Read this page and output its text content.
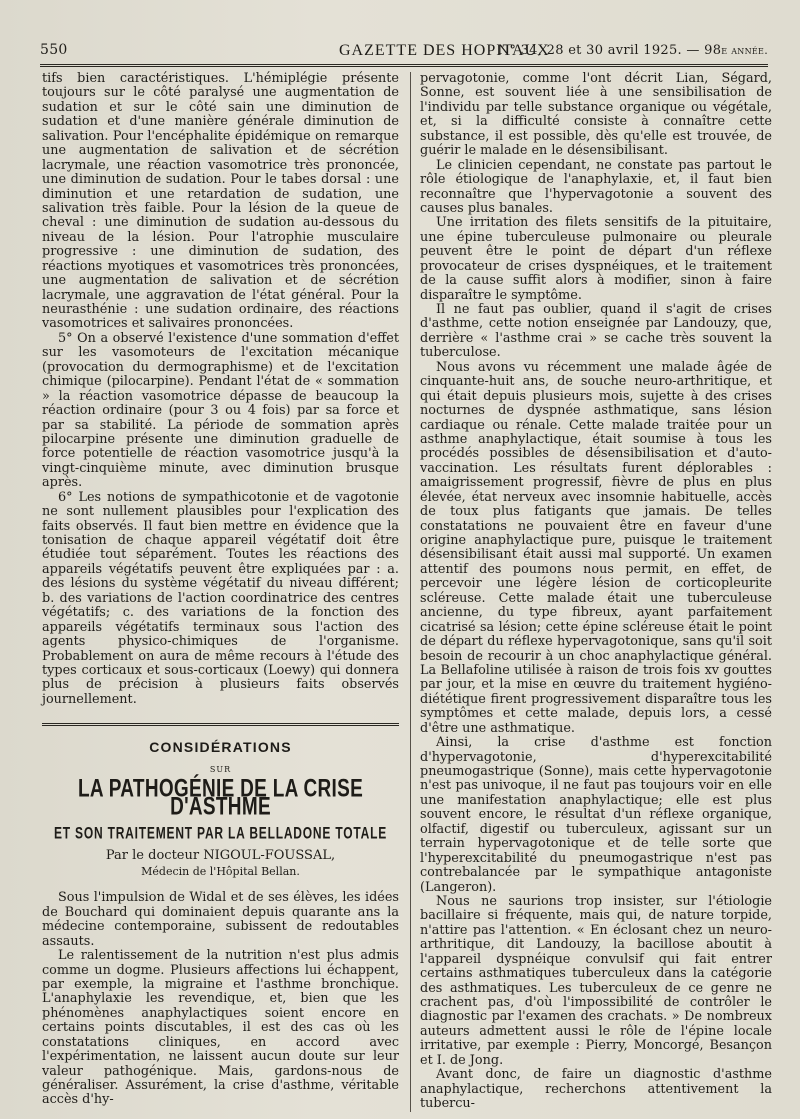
550	GAZETTE DES HOPITAUX
N° 34, 28 et 30 avril 1925. — 98e année.

tifs bien caractéristiques. L'hémiplégie présente toujours sur le côté paralysé une augmentation de sudation et sur le côté sain une diminution de sudation et d'une manière générale diminution de salivation. Pour l'encéphalite épidémique on remarque une augmentation de salivation et de sécrétion lacrymale, une réaction vasomotrice très prononcée, une diminution de sudation. Pour le tabes dorsal : une diminution et une retardation de sudation, une salivation très faible. Pour la lésion de la queue de cheval : une diminution de sudation au-dessous du niveau de la lésion. Pour l'atrophie musculaire progressive : une diminution de sudation, des réactions myotiques et vasomotrices très prononcées, une augmentation de salivation et de sécrétion lacrymale, une aggravation de l'état général. Pour la neurasthénie : une sudation ordinaire, des réactions vasomotrices et salivaires prononcées.

5° On a observé l'existence d'une sommation d'effet sur les vasomoteurs de l'excitation mécanique (provocation du dermographisme) et de l'excitation chimique (pilocarpine). Pendant l'état de « sommation » la réaction vasomotrice dépasse de beaucoup la réaction ordinaire (pour 3 ou 4 fois) par sa force et par sa stabilité. La période de sommation après pilocarpine présente une diminution graduelle de force potentielle de réaction vasomotrice jusqu'à la vingt-cinquième minute, avec diminution brusque après.

6° Les notions de sympathicotonie et de vagotonie ne sont nullement plausibles pour l'explication des faits observés. Il faut bien mettre en évidence que la tonisation de chaque appareil végétatif doit être étudiée tout séparément. Toutes les réactions des appareils végétatifs peuvent être expliquées par : a. des lésions du système végétatif du niveau différent; b. des variations de l'action coordinatrice des centres végétatifs; c. des variations de la fonction des appareils végétatifs terminaux sous l'action des agents physico-chimiques de l'organisme. Probablement on aura de même recours à l'étude des types corticaux et sous-corticaux (Loewy) qui donnera plus de précision à plusieurs faits observés journellement.

CONSIDÉRATIONS
SUR
LA PATHOGÉNIE DE LA CRISE D'ASTHME
ET SON TRAITEMENT PAR LA BELLADONE TOTALE
Par le docteur NIGOUL-FOUSSAL,
Médecin de l'Hôpital Bellan.

Sous l'impulsion de Widal et de ses élèves, les idées de Bouchard qui dominaient depuis quarante ans la médecine contemporaine, subissent de redoutables assauts.

Le ralentissement de la nutrition n'est plus admis comme un dogme. Plusieurs affections lui échappent, par exemple, la migraine et l'asthme bronchique. L'anaphylaxie les revendique, et, bien que les phénomènes anaphylactiques soient encore en certains points discutables, il est des cas où les constatations cliniques, en accord avec l'expérimentation, ne laissent aucun doute sur leur valeur pathogénique. Mais, gardons-nous de généraliser. Assurément, la crise d'asthme, véritable accès d'hy-

pervagotonie, comme l'ont décrit Lian, Ségard, Sonne, est souvent liée à une sensibilisation de l'individu par telle substance organique ou végétale, et, si la difficulté consiste à connaître cette substance, il est possible, dès qu'elle est trouvée, de guérir le malade en le désensibilisant.

Le clinicien cependant, ne constate pas partout le rôle étiologique de l'anaphylaxie, et, il faut bien reconnaître que l'hypervagotonie a souvent des causes plus banales.

Une irritation des filets sensitifs de la pituitaire, une épine tuberculeuse pulmonaire ou pleurale peuvent être le point de départ d'un réflexe provocateur de crises dyspnéiques, et le traitement de la cause suffit alors à modifier, sinon à faire disparaître le symptôme.

Il ne faut pas oublier, quand il s'agit de crises d'asthme, cette notion enseignée par Landouzy, que, derrière « l'asthme crai » se cache très souvent la tuberculose.

Nous avons vu récemment une malade âgée de cinquante-huit ans, de souche neuro-arthritique, et qui était depuis plusieurs mois, sujette à des crises nocturnes de dyspnée asthmatique, sans lésion cardiaque ou rénale. Cette malade traitée pour un asthme anaphylactique, était soumise à tous les procédés possibles de désensibilisation et d'auto-vaccination. Les résultats furent déplorables : amaigrissement progressif, fièvre de plus en plus élevée, état nerveux avec insomnie habituelle, accès de toux plus fatigants que jamais. De telles constatations ne pouvaient être en faveur d'une origine anaphylactique pure, puisque le traitement désensibilisant était aussi mal supporté. Un examen attentif des poumons nous permit, en effet, de percevoir une légère lésion de corticopleurite scléreuse. Cette malade était une tuberculeuse ancienne, du type fibreux, ayant parfaitement cicatrisé sa lésion; cette épine scléreuse était le point de départ du réflexe hypervagotonique, sans qu'il soit besoin de recourir à un choc anaphylactique général. La Bellafoline utilisée à raison de trois fois xv gouttes par jour, et la mise en œuvre du traitement hygiéno-diététique firent progressivement disparaître tous les symptômes et cette malade, depuis lors, a cessé d'être une asthmatique.

Ainsi, la crise d'asthme est fonction d'hypervagotonie, d'hyperexcitabilité pneumogastrique (Sonne), mais cette hypervagotonie n'est pas univoque, il ne faut pas toujours voir en elle une manifestation anaphylactique; elle est plus souvent encore, le résultat d'un réflexe organique, olfactif, digestif ou tuberculeux, agissant sur un terrain hypervagotonique et de telle sorte que l'hyperexcitabilité du pneumogastrique n'est pas contrebalancée par le sympathique antagoniste (Langeron).

Nous ne saurions trop insister, sur l'étiologie bacillaire si fréquente, mais qui, de nature torpide, n'attire pas l'attention. « En éclosant chez un neuro-arthritique, dit Landouzy, la bacillose aboutit à l'appareil dyspnéique convulsif qui fait entrer certains asthmatiques tuberculeux dans la catégorie des asthmatiques. Les tuberculeux de ce genre ne crachent pas, d'où l'impossibilité de contrôler le diagnostic par l'examen des crachats. » De nombreux auteurs admettent aussi le rôle de l'épine locale irritative, par exemple : Pierry, Moncorgé, Besançon et I. de Jong.

Avant donc, de faire un diagnostic d'asthme anaphylactique, recherchons attentivement la tubercu-
